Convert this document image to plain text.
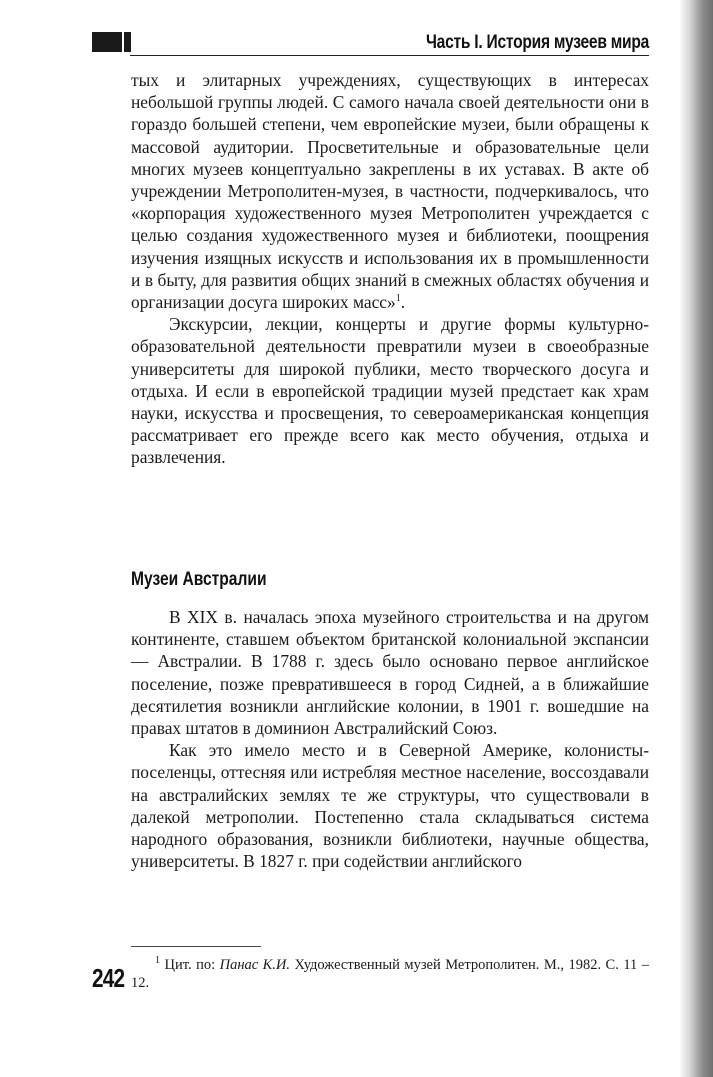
Часть I. История музеев мира

тых и элитарных учреждениях, существующих в интересах небольшой группы людей. С самого начала своей деятельности они в гораздо большей степени, чем европейские музеи, были обращены к массовой аудитории. Просветительные и образовательные цели многих музеев концептуально закреплены в их уставах. В акте об учреждении Метрополитен-музея, в частности, подчеркивалось, что «корпорация художественного музея Метрополитен учреждается с целью создания художественного музея и библиотеки, поощрения изучения изящных искусств и использования их в промышленности и в быту, для развития общих знаний в смежных областях обучения и организации досуга широких масс»$^1$.

Экскурсии, лекции, концерты и другие формы культурно-образовательной деятельности превратили музеи в своеобразные университеты для широкой публики, место творческого досуга и отдыха. И если в европейской традиции музей предстает как храм науки, искусства и просвещения, то североамериканская концепция рассматривает его прежде всего как место обучения, отдыха и развлечения.

Музеи Австралии

В XIX в. началась эпоха музейного строительства и на другом континенте, ставшем объектом британской колониальной экспансии — Австралии. В 1788 г. здесь было основано первое английское поселение, позже превратившееся в город Сидней, а в ближайшие десятилетия возникли английские колонии, в 1901 г. вошедшие на правах штатов в доминион Австралийский Союз.

Как это имело место и в Северной Америке, колонисты-поселенцы, оттесняя или истребляя местное население, воссоздавали на австралийских землях те же структуры, что существовали в далекой метрополии. Постепенно стала складываться система народного образования, возникли библиотеки, научные общества, университеты. В 1827 г. при содействии английского

$^1$ Цит. по: Панас К.И. Художественный музей Метрополитен. М., 1982. С. 11 – 12.
242
